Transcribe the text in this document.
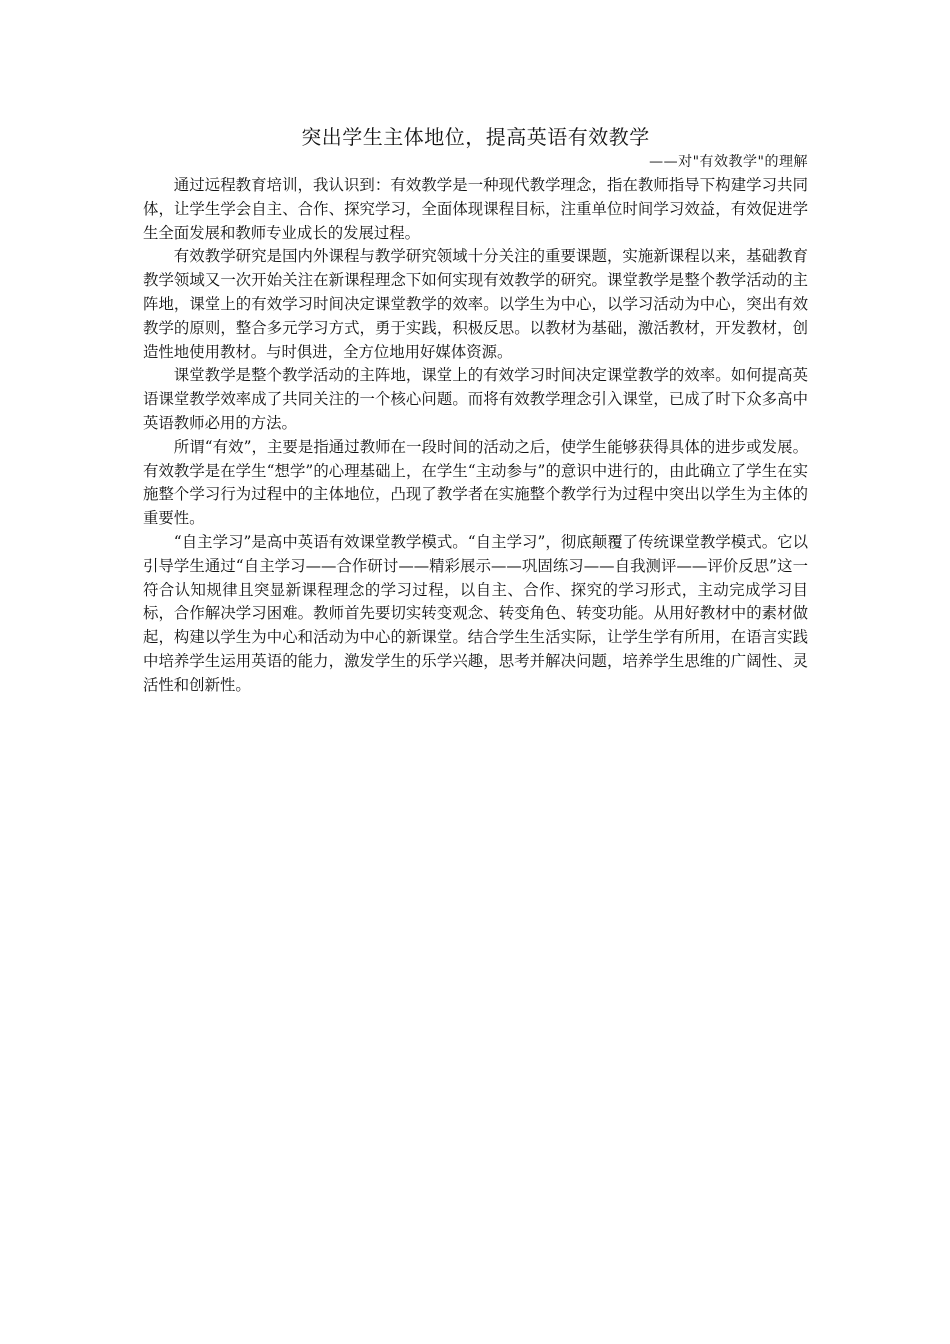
突出学生主体地位，提高英语有效教学

——对"有效教学"的理解

通过远程教育培训，我认识到：有效教学是一种现代教学理念，指在教师指导下构建学习共同体，让学生学会自主、合作、探究学习，全面体现课程目标，注重单位时间学习效益，有效促进学生全面发展和教师专业成长的发展过程。

有效教学研究是国内外课程与教学研究领域十分关注的重要课题，实施新课程以来，基础教育教学领域又一次开始关注在新课程理念下如何实现有效教学的研究。课堂教学是整个教学活动的主阵地，课堂上的有效学习时间决定课堂教学的效率。以学生为中心，以学习活动为中心，突出有效教学的原则，整合多元学习方式，勇于实践，积极反思。以教材为基础，激活教材，开发教材，创造性地使用教材。与时俱进，全方位地用好媒体资源。

课堂教学是整个教学活动的主阵地，课堂上的有效学习时间决定课堂教学的效率。如何提高英语课堂教学效率成了共同关注的一个核心问题。而将有效教学理念引入课堂，已成了时下众多高中英语教师必用的方法。

所谓“有效”，主要是指通过教师在一段时间的活动之后，使学生能够获得具体的进步或发展。有效教学是在学生“想学”的心理基础上，在学生“主动参与”的意识中进行的，由此确立了学生在实施整个学习行为过程中的主体地位，凸现了教学者在实施整个教学行为过程中突出以学生为主体的重要性。

“自主学习”是高中英语有效课堂教学模式。“自主学习”，彻底颠覆了传统课堂教学模式。它以引导学生通过“自主学习——合作研讨——精彩展示——巩固练习——自我测评——评价反思”这一符合认知规律且突显新课程理念的学习过程，以自主、合作、探究的学习形式，主动完成学习目标，合作解决学习困难。教师首先要切实转变观念、转变角色、转变功能。从用好教材中的素材做起，构建以学生为中心和活动为中心的新课堂。结合学生生活实际，让学生学有所用，在语言实践中培养学生运用英语的能力，激发学生的乐学兴趣，思考并解决问题，培养学生思维的广阔性、灵活性和创新性。
